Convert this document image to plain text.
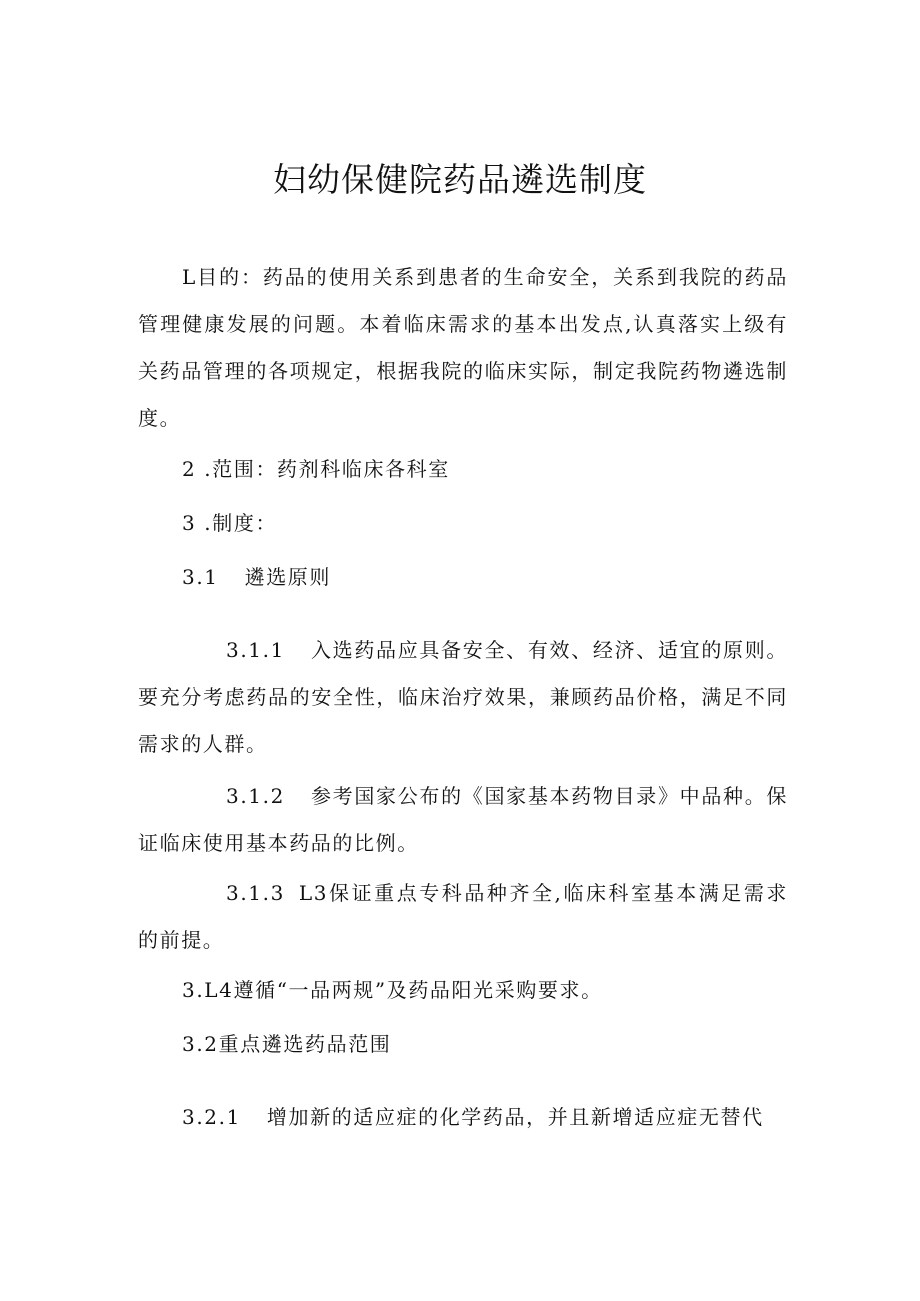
妇幼保健院药品遴选制度

L目的：药品的使用关系到患者的生命安全，关系到我院的药品管理健康发展的问题。本着临床需求的基本出发点,认真落实上级有关药品管理的各项规定，根据我院的临床实际，制定我院药物遴选制度。

2 .范围：药剂科临床各科室
3 .制度：
3.1 遴选原则

3.1.1 入选药品应具备安全、有效、经济、适宜的原则。要充分考虑药品的安全性，临床治疗效果，兼顾药品价格，满足不同需求的人群。

3.1.2 参考国家公布的《国家基本药物目录》中品种。保证临床使用基本药品的比例。

3.1.3 L3保证重点专科品种齐全,临床科室基本满足需求的前提。

3.L4遵循“一品两规”及药品阳光采购要求。
3.2重点遴选药品范围
3.2.1 增加新的适应症的化学药品，并且新增适应症无替代
